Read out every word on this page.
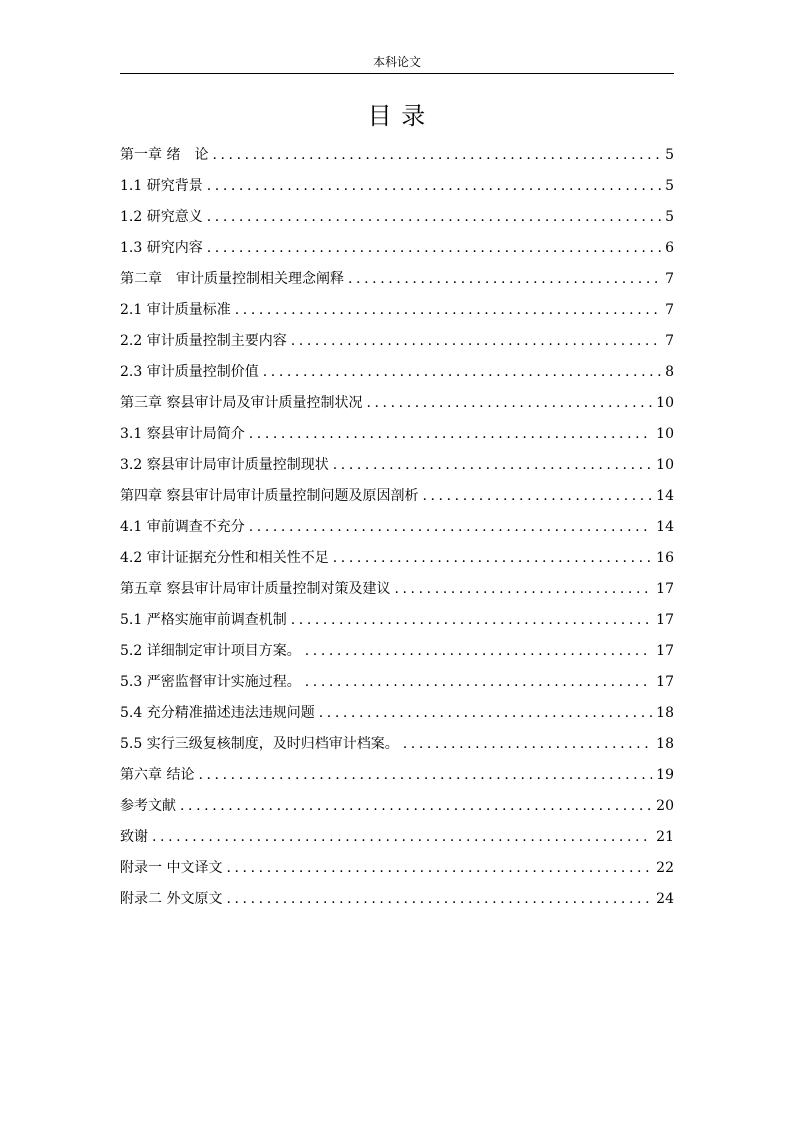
本科论文
目 录
第一章 绪　论 .....	5
1.1 研究背景 .....	5
1.2 研究意义 .....	5
1.3 研究内容 .....	6
第二章　审计质量控制相关理念阐释 .....	7
2.1 审计质量标准 .....	7
2.2 审计质量控制主要内容 .....	7
2.3 审计质量控制价值 .....	8
第三章 察县审计局及审计质量控制状况 .....	10
3.1 察县审计局简介 .....	10
3.2 察县审计局审计质量控制现状 .....	10
第四章 察县审计局审计质量控制问题及原因剖析 .....	14
4.1 审前调查不充分 .....	14
4.2 审计证据充分性和相关性不足 .....	16
第五章 察县审计局审计质量控制对策及建议 .....	17
5.1 严格实施审前调查机制 .....	17
5.2 详细制定审计项目方案。 .....	17
5.3 严密监督审计实施过程。 .....	17
5.4 充分精准描述违法违规问题 .....	18
5.5 实行三级复核制度，及时归档审计档案。 .....	18
第六章 结论 .....	19
参考文献 .....	20
致谢 .....	21
附录一 中文译文 .....	22
附录二 外文原文 .....	24
